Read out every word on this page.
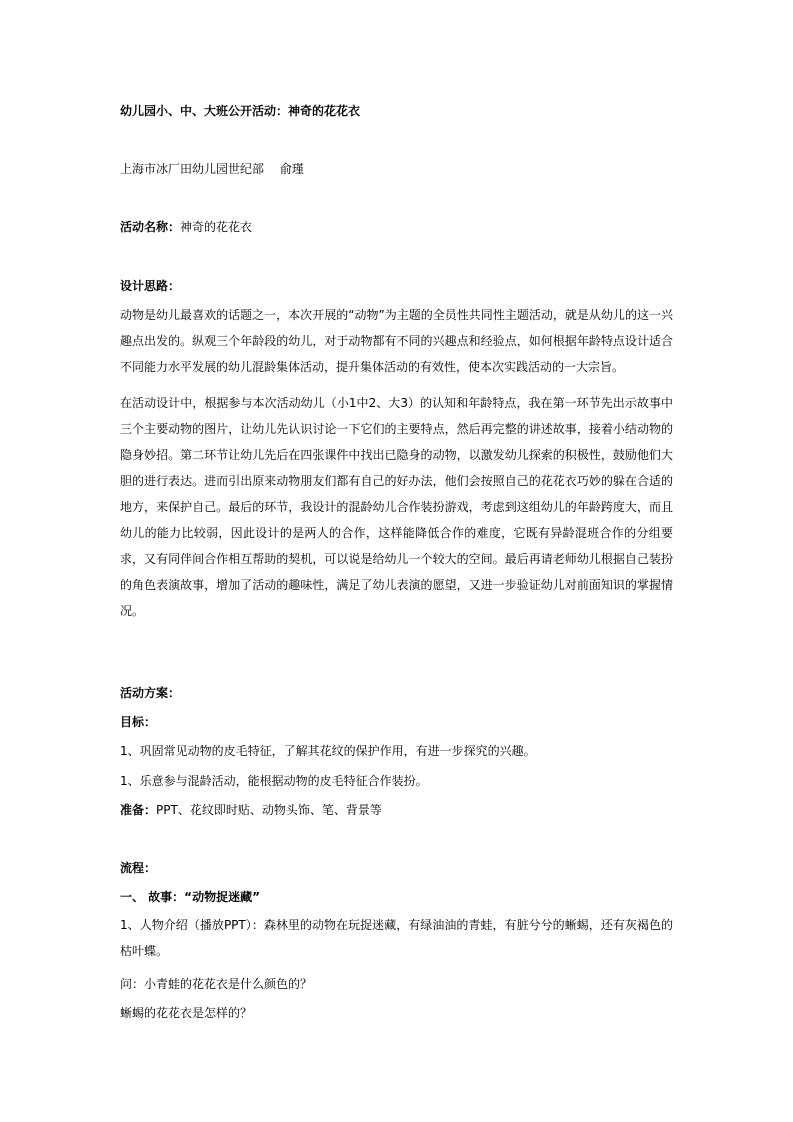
幼儿园小、中、大班公开活动：神奇的花花衣
上海市冰厂田幼儿园世纪部　 俞瑾
活动名称：神奇的花花衣
设计思路：

动物是幼儿最喜欢的话题之一，本次开展的“动物”为主题的全员性共同性主题活动，就是从幼儿的这一兴趣点出发的。纵观三个年龄段的幼儿，对于动物都有不同的兴趣点和经验点，如何根据年龄特点设计适合不同能力水平发展的幼儿混龄集体活动，提升集体活动的有效性，使本次实践活动的一大宗旨。

在活动设计中，根据参与本次活动幼儿（小1中2、大3）的认知和年龄特点，我在第一环节先出示故事中三个主要动物的图片，让幼儿先认识讨论一下它们的主要特点，然后再完整的讲述故事，接着小结动物的隐身妙招。第二环节让幼儿先后在四张课件中找出已隐身的动物，以激发幼儿探索的积极性，鼓励他们大胆的进行表达。进而引出原来动物朋友们都有自己的好办法，他们会按照自己的花花衣巧妙的躲在合适的地方，来保护自己。最后的环节，我设计的混龄幼儿合作装扮游戏，考虑到这组幼儿的年龄跨度大，而且幼儿的能力比较弱，因此设计的是两人的合作，这样能降低合作的难度，它既有异龄混班合作的分组要求，又有同伴间合作相互帮助的契机，可以说是给幼儿一个较大的空间。最后再请老师幼儿根据自己装扮的角色表演故事，增加了活动的趣味性，满足了幼儿表演的愿望，又进一步验证幼儿对前面知识的掌握情况。

活动方案：
目标：
1、巩固常见动物的皮毛特征，了解其花纹的保护作用，有进一步探究的兴趣。
1、乐意参与混龄活动，能根据动物的皮毛特征合作装扮。
准备：PPT、花纹即时贴、动物头饰、笔、背景等
流程：
一、 故事：“动物捉迷藏”

1、人物介绍（播放PPT）：森林里的动物在玩捉迷藏，有绿油油的青蛙，有脏兮兮的蜥蜴，还有灰褐色的枯叶蝶。

问：小青蛙的花花衣是什么颜色的？
蜥蜴的花花衣是怎样的？
